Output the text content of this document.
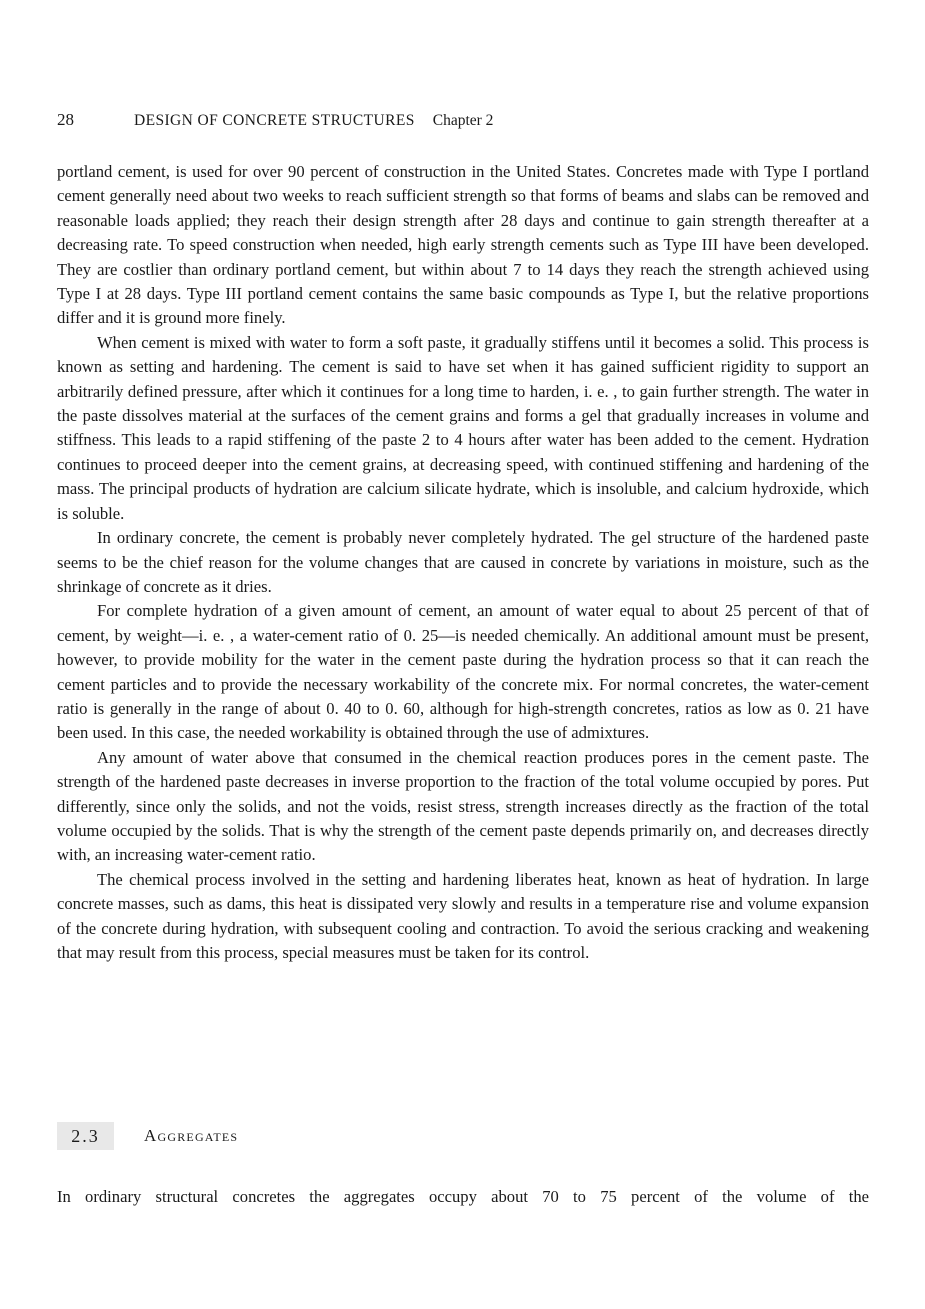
28	DESIGN OF CONCRETE STRUCTURES Chapter 2

portland cement, is used for over 90 percent of construction in the United States. Concretes made with Type I portland cement generally need about two weeks to reach sufficient strength so that forms of beams and slabs can be removed and reasonable loads applied; they reach their design strength after 28 days and continue to gain strength thereafter at a decreasing rate. To speed construction when needed, high early strength cements such as Type III have been developed. They are costlier than ordinary portland cement, but within about 7 to 14 days they reach the strength achieved using Type I at 28 days. Type III portland cement contains the same basic compounds as Type I, but the relative proportions differ and it is ground more finely.

When cement is mixed with water to form a soft paste, it gradually stiffens until it becomes a solid. This process is known as setting and hardening. The cement is said to have set when it has gained sufficient rigidity to support an arbitrarily defined pressure, after which it continues for a long time to harden, i. e. , to gain further strength. The water in the paste dissolves material at the surfaces of the cement grains and forms a gel that gradually increases in volume and stiffness. This leads to a rapid stiffening of the paste 2 to 4 hours after water has been added to the cement. Hydration continues to proceed deeper into the cement grains, at decreasing speed, with continued stiffening and hardening of the mass. The principal products of hydration are calcium silicate hydrate, which is insoluble, and calcium hydroxide, which is soluble.

In ordinary concrete, the cement is probably never completely hydrated. The gel structure of the hardened paste seems to be the chief reason for the volume changes that are caused in concrete by variations in moisture, such as the shrinkage of concrete as it dries.

For complete hydration of a given amount of cement, an amount of water equal to about 25 percent of that of cement, by weight—i. e. , a water-cement ratio of 0. 25—is needed chemically. An additional amount must be present, however, to provide mobility for the water in the cement paste during the hydration process so that it can reach the cement particles and to provide the necessary workability of the concrete mix. For normal concretes, the water-cement ratio is generally in the range of about 0. 40 to 0. 60, although for high-strength concretes, ratios as low as 0. 21 have been used. In this case, the needed workability is obtained through the use of admixtures.

Any amount of water above that consumed in the chemical reaction produces pores in the cement paste. The strength of the hardened paste decreases in inverse proportion to the fraction of the total volume occupied by pores. Put differently, since only the solids, and not the voids, resist stress, strength increases directly as the fraction of the total volume occupied by the solids. That is why the strength of the cement paste depends primarily on, and decreases directly with, an increasing water-cement ratio.

The chemical process involved in the setting and hardening liberates heat, known as heat of hydration. In large concrete masses, such as dams, this heat is dissipated very slowly and results in a temperature rise and volume expansion of the concrete during hydration, with subsequent cooling and contraction. To avoid the serious cracking and weakening that may result from this process, special measures must be taken for its control.

2.3	Aggregates

In ordinary structural concretes the aggregates occupy about 70 to 75 percent of the volume of the
